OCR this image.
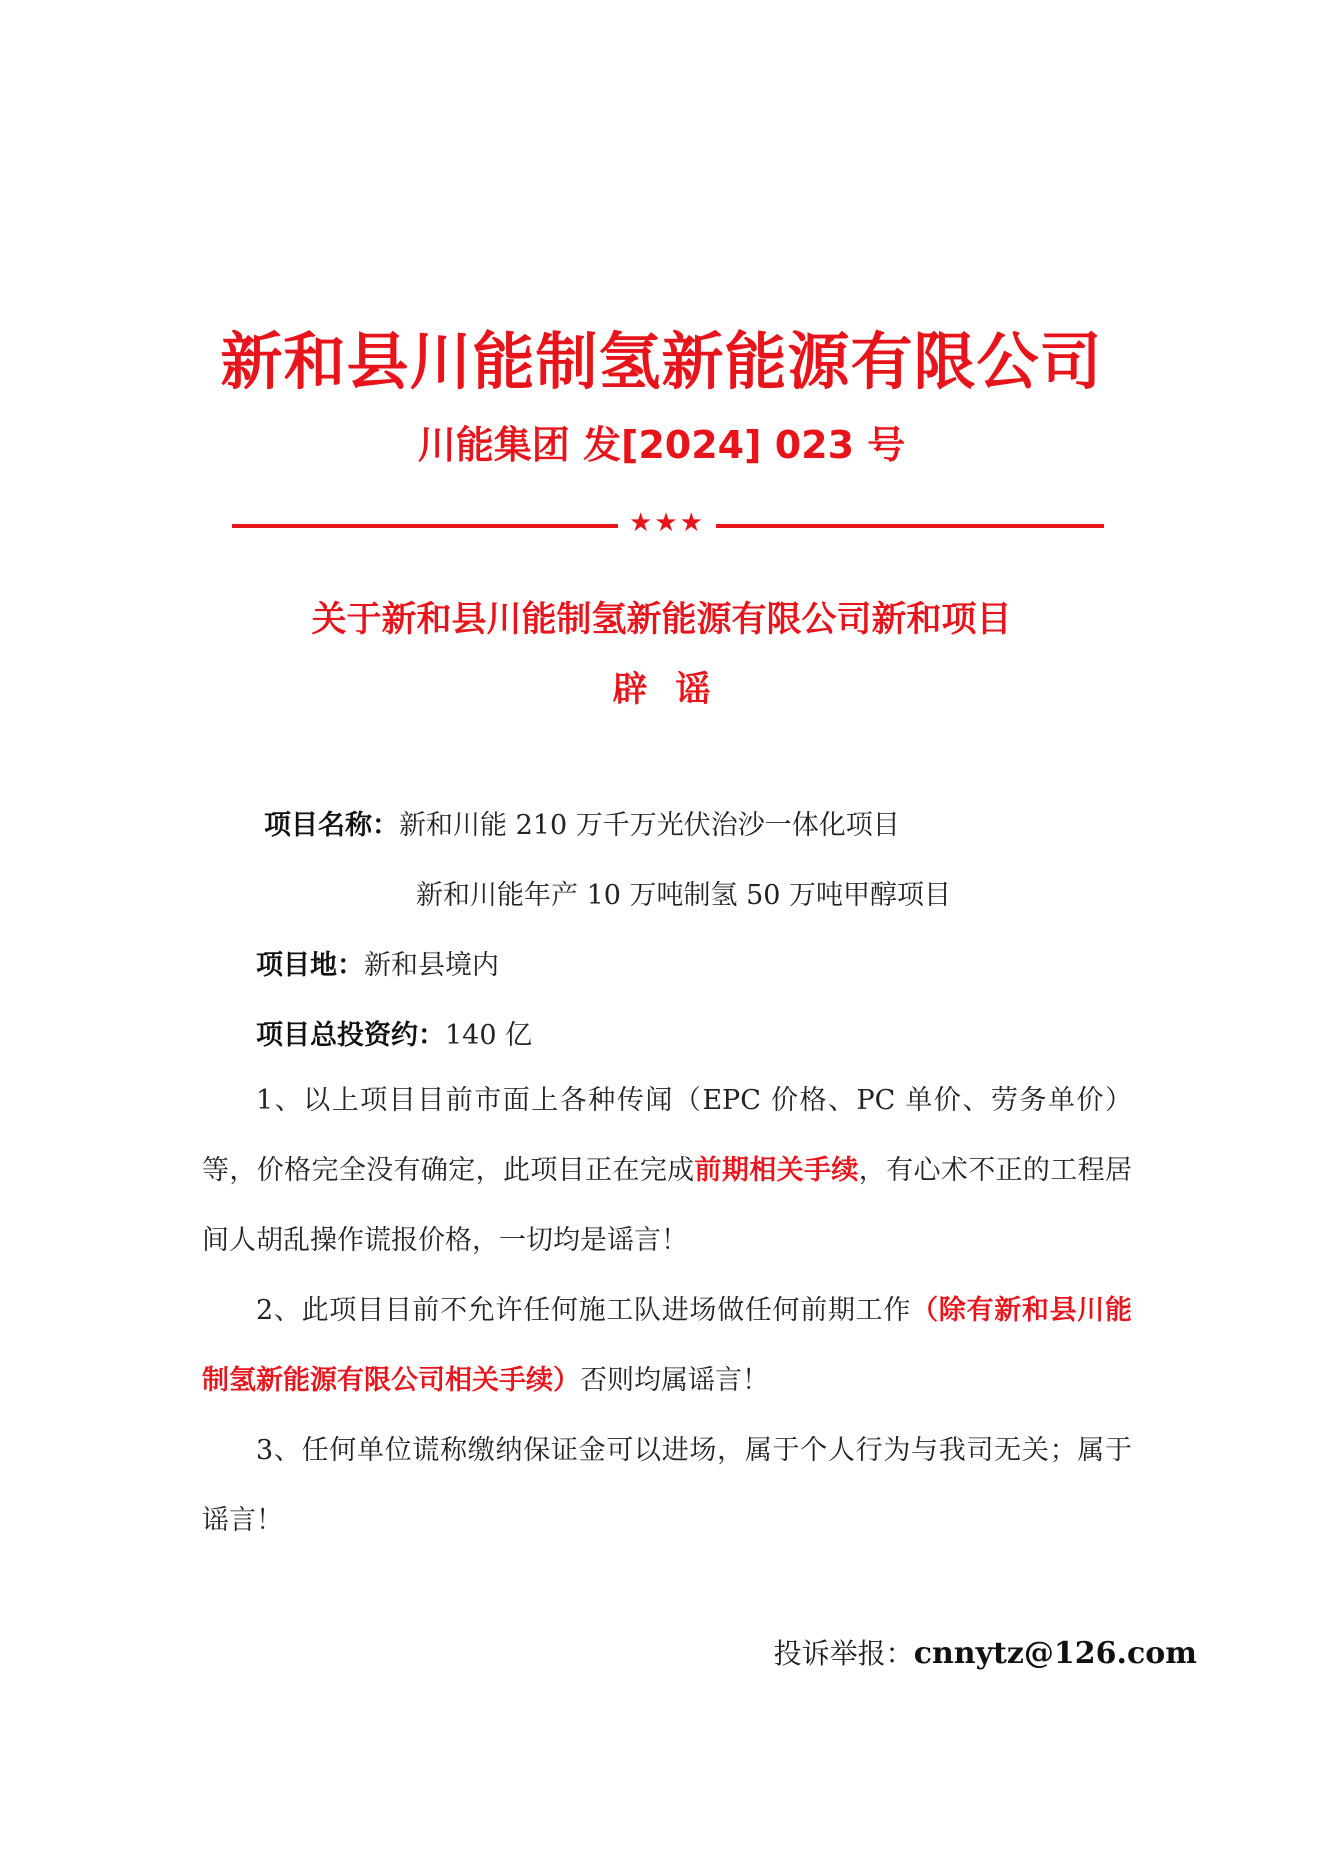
新和县川能制氢新能源有限公司
川能集团 发[2024] 023 号
★★★
关于新和县川能制氢新能源有限公司新和项目
辟谣
项目名称：新和川能 210 万千万光伏治沙一体化项目
新和川能年产 10 万吨制氢 50 万吨甲醇项目
项目地：新和县境内
项目总投资约：140 亿
1、以上项目目前市面上各种传闻（EPC 价格、PC 单价、劳务单价）等，价格完全没有确定，此项目正在完成前期相关手续，有心术不正的工程居间人胡乱操作谎报价格，一切均是谣言！
2、此项目目前不允许任何施工队进场做任何前期工作（除有新和县川能制氢新能源有限公司相关手续）否则均属谣言！
3、任何单位谎称缴纳保证金可以进场，属于个人行为与我司无关；属于谣言！
投诉举报：cnnytz@126.com
